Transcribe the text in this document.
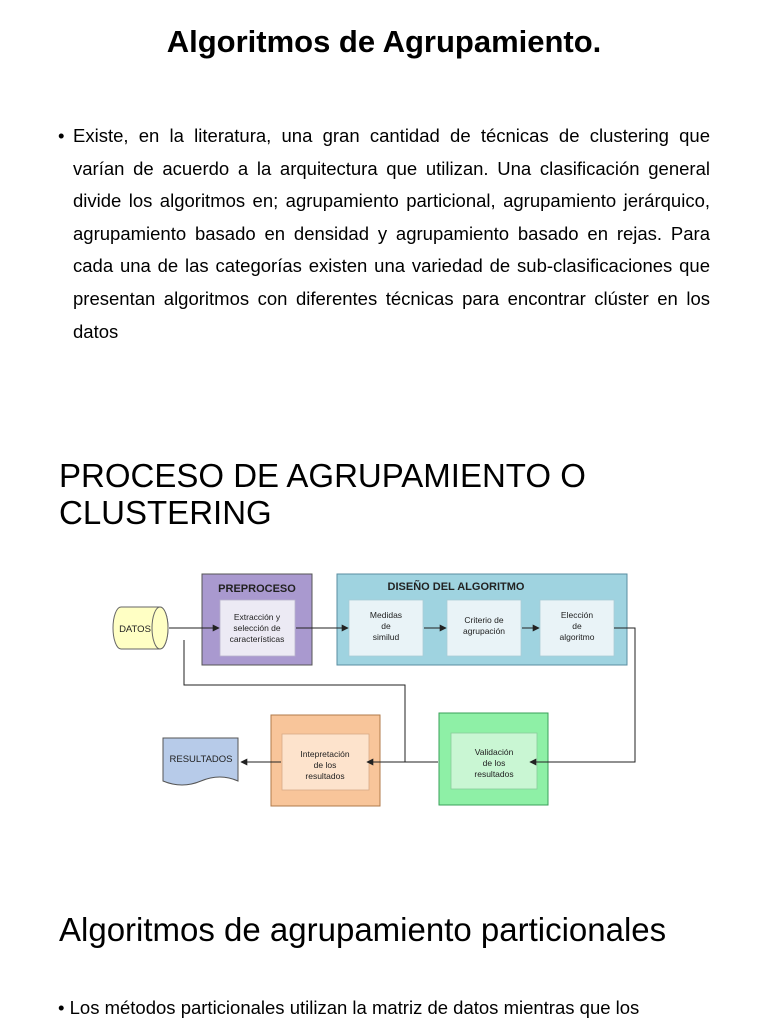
Algoritmos de Agrupamiento.
• Existe, en la literatura, una gran cantidad de técnicas de clustering que varían de acuerdo a la arquitectura que utilizan. Una clasificación general divide los algoritmos en; agrupamiento particional, agrupamiento jerárquico, agrupamiento basado en densidad y agrupamiento basado en rejas. Para cada una de las categorías existen una variedad de sub-clasificaciones que presentan algoritmos con diferentes técnicas para encontrar clúster en los datos
PROCESO DE AGRUPAMIENTO O CLUSTERING
DATOS
PREPROCESO
Extracción y
selección de
características
DISEÑO DEL ALGORITMO
Medidas
de
similud
Criterio de
agrupación
Elección
de
algoritmo
Validación
de los
resultados
Intepretación
de los
resultados
RESULTADOS
Algoritmos de agrupamiento particionales
• Los métodos particionales utilizan la matriz de datos mientras que los
